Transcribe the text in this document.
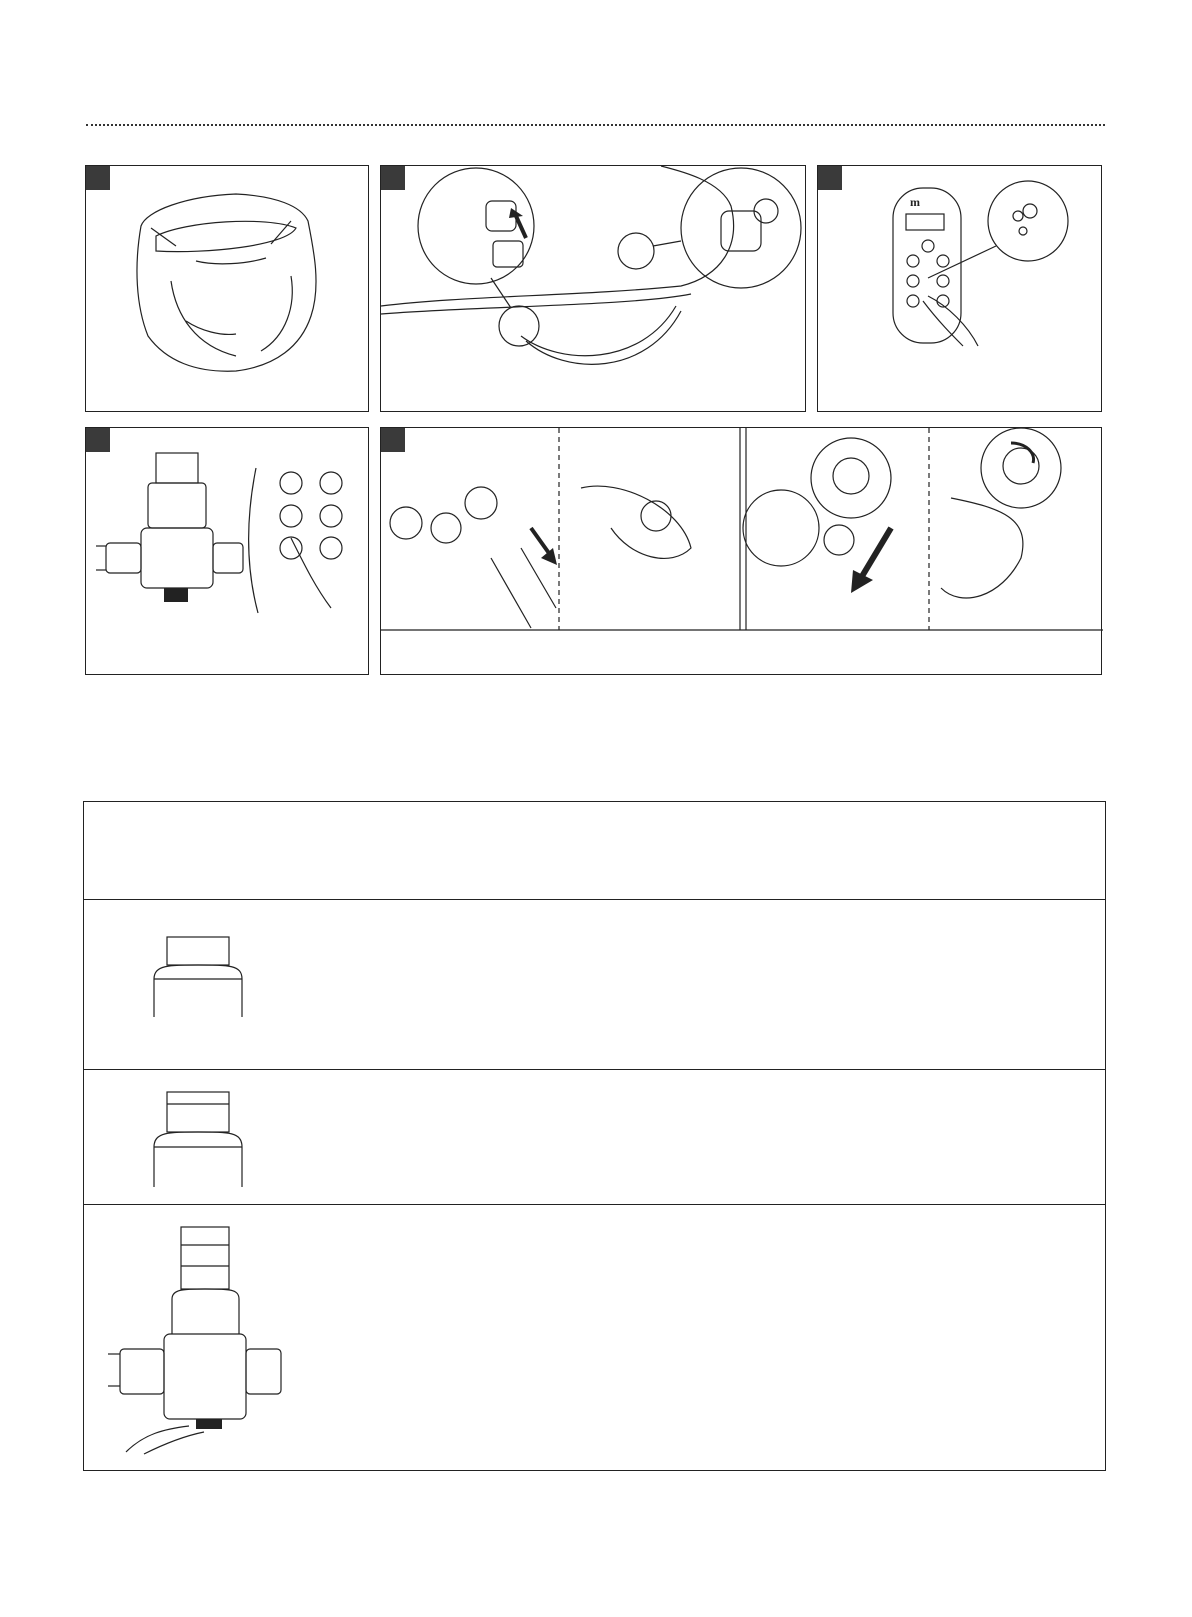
m
